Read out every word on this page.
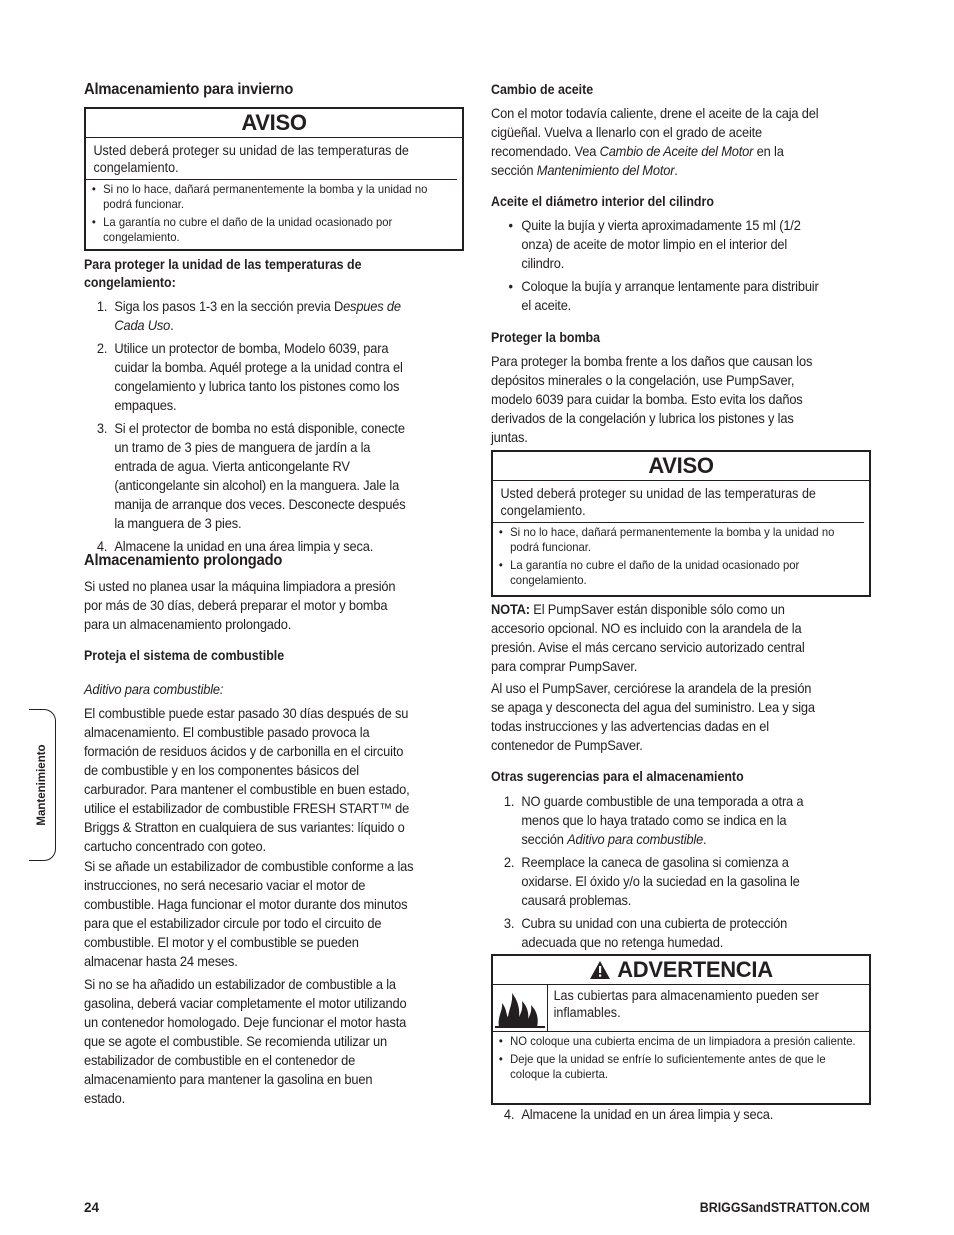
Mantenimiento
Almacenamiento para invierno
AVISO
Usted deberá proteger su unidad de las temperaturas de congelamiento.
• Si no lo hace, dañará permanentemente la bomba y la unidad no podrá funcionar.
• La garantía no cubre el daño de la unidad ocasionado por congelamiento.
Para proteger la unidad de las temperaturas de congelamiento:
1. Siga los pasos 1-3 en la sección previa Despues de Cada Uso.
2. Utilice un protector de bomba, Modelo 6039, para cuidar la bomba. Aquél protege a la unidad contra el congelamiento y lubrica tanto los pistones como los empaques.
3. Si el protector de bomba no está disponible, conecte un tramo de 3 pies de manguera de jardín a la entrada de agua. Vierta anticongelante RV (anticongelante sin alcohol) en la manguera. Jale la manija de arranque dos veces. Desconecte después la manguera de 3 pies.
4. Almacene la unidad en una área limpia y seca.
Almacenamiento prolongado

Si usted no planea usar la máquina limpiadora a presión por más de 30 días, deberá preparar el motor y bomba para un almacenamiento prolongado.

Proteja el sistema de combustible

Aditivo para combustible:

El combustible puede estar pasado 30 días después de su almacenamiento. El combustible pasado provoca la formación de residuos ácidos y de carbonilla en el circuito de combustible y en los componentes básicos del carburador. Para mantener el combustible en buen estado, utilice el estabilizador de combustible FRESH START™ de Briggs & Stratton en cualquiera de sus variantes: líquido o cartucho concentrado con goteo.

Si se añade un estabilizador de combustible conforme a las instrucciones, no será necesario vaciar el motor de combustible. Haga funcionar el motor durante dos minutos para que el estabilizador circule por todo el circuito de combustible. El motor y el combustible se pueden almacenar hasta 24 meses.

Si no se ha añadido un estabilizador de combustible a la gasolina, deberá vaciar completamente el motor utilizando un contenedor homologado. Deje funcionar el motor hasta que se agote el combustible. Se recomienda utilizar un estabilizador de combustible en el contenedor de almacenamiento para mantener la gasolina en buen estado.

Cambio de aceite

Con el motor todavía caliente, drene el aceite de la caja del cigüeñal. Vuelva a llenarlo con el grado de aceite recomendado. Vea Cambio de Aceite del Motor en la sección Mantenimiento del Motor.

Aceite el diámetro interior del cilindro
• Quite la bujía y vierta aproximadamente 15 ml (1/2 onza) de aceite de motor limpio en el interior del cilindro.
• Coloque la bujía y arranque lentamente para distribuir el aceite.
Proteger la bomba

Para proteger la bomba frente a los daños que causan los depósitos minerales o la congelación, use PumpSaver, modelo 6039 para cuidar la bomba. Esto evita los daños derivados de la congelación y lubrica los pistones y las juntas.

AVISO
Usted deberá proteger su unidad de las temperaturas de congelamiento.
• Si no lo hace, dañará permanentemente la bomba y la unidad no podrá funcionar.
• La garantía no cubre el daño de la unidad ocasionado por congelamiento.

NOTA: El PumpSaver están disponible sólo como un accesorio opcional. NO es incluido con la arandela de la presión. Avise el más cercano servicio autorizado central para comprar PumpSaver.

Al uso el PumpSaver, cerciórese la arandela de la presión se apaga y desconecta del agua del suministro. Lea y siga todas instrucciones y las advertencias dadas en el contenedor de PumpSaver.

Otras sugerencias para el almacenamiento
1. NO guarde combustible de una temporada a otra a menos que lo haya tratado como se indica en la sección Aditivo para combustible.
2. Reemplace la caneca de gasolina si comienza a oxidarse. El óxido y/o la suciedad en la gasolina le causará problemas.
3. Cubra su unidad con una cubierta de protección adecuada que no retenga humedad.
ADVERTENCIA
Las cubiertas para almacenamiento pueden ser inflamables.
• NO coloque una cubierta encima de un limpiadora a presión caliente.
• Deje que la unidad se enfríe lo suficientemente antes de que le coloque la cubierta.
4. Almacene la unidad en un área limpia y seca.
24	BRIGGSandSTRATTON.COM
